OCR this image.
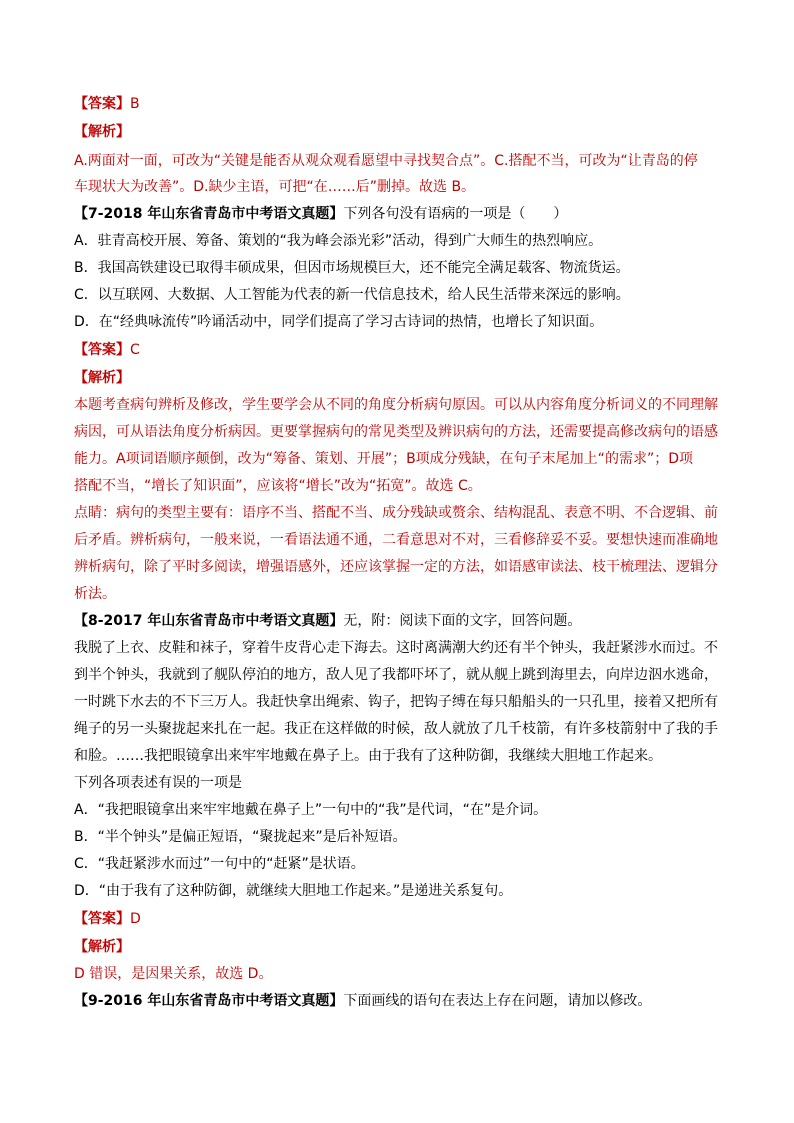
【答案】B

【解析】

A.两面对一面，可改为“关键是能否从观众观看愿望中寻找契合点”。C.搭配不当，可改为“让青岛的停

车现状大为改善”。D.缺少主语，可把“在……后”删掉。故选 B。

【7-2018 年山东省青岛市中考语文真题】下列各句没有语病的一项是（　　）

A．驻青高校开展、筹备、策划的“我为峰会添光彩”活动，得到广大师生的热烈响应。

B．我国高铁建设已取得丰硕成果，但因市场规模巨大，还不能完全满足载客、物流货运。

C．以互联网、大数据、人工智能为代表的新一代信息技术，给人民生活带来深远的影响。

D．在“经典咏流传”吟诵活动中，同学们提高了学习古诗词的热情，也增长了知识面。

【答案】C

【解析】

本题考查病句辨析及修改，学生要学会从不同的角度分析病句原因。可以从内容角度分析词义的不同理解

病因，可从语法角度分析病因。更要掌握病句的常见类型及辨识病句的方法，还需要提高修改病句的语感

能力。A项词语顺序颠倒，改为“筹备、策划、开展”；B项成分残缺，在句子末尾加上“的需求”；D项

搭配不当，“增长了知识面”，应该将“增长”改为“拓宽”。故选 C。

点睛：病句的类型主要有：语序不当、搭配不当、成分残缺或赘余、结构混乱、表意不明、不合逻辑、前

后矛盾。辨析病句，一般来说，一看语法通不通，二看意思对不对，三看修辞妥不妥。要想快速而准确地

辨析病句，除了平时多阅读，增强语感外，还应该掌握一定的方法，如语感审读法、枝干梳理法、逻辑分

析法。

【8-2017 年山东省青岛市中考语文真题】无，附：阅读下面的文字，回答问题。

我脱了上衣、皮鞋和袜子，穿着牛皮背心走下海去。这时离满潮大约还有半个钟头，我赶紧涉水而过。不

到半个钟头，我就到了舰队停泊的地方，敌人见了我都吓坏了，就从舰上跳到海里去，向岸边泅水逃命，

一时跳下水去的不下三万人。我赶快拿出绳索、钩子，把钩子缚在每只船船头的一只孔里，接着又把所有

绳子的另一头聚拢起来扎在一起。我正在这样做的时候，敌人就放了几千枝箭，有许多枝箭射中了我的手

和脸。……我把眼镜拿出来牢牢地戴在鼻子上。由于我有了这种防御，我继续大胆地工作起来。

下列各项表述有误的一项是

A．“我把眼镜拿出来牢牢地戴在鼻子上”一句中的“我”是代词，“在”是介词。

B．“半个钟头”是偏正短语，“聚拢起来”是后补短语。

C．“我赶紧涉水而过”一句中的“赶紧”是状语。

D．“由于我有了这种防御，就继续大胆地工作起来。”是递进关系复句。

【答案】D

【解析】

D 错误，是因果关系，故选 D。

【9-2016 年山东省青岛市中考语文真题】下面画线的语句在表达上存在问题，请加以修改。
